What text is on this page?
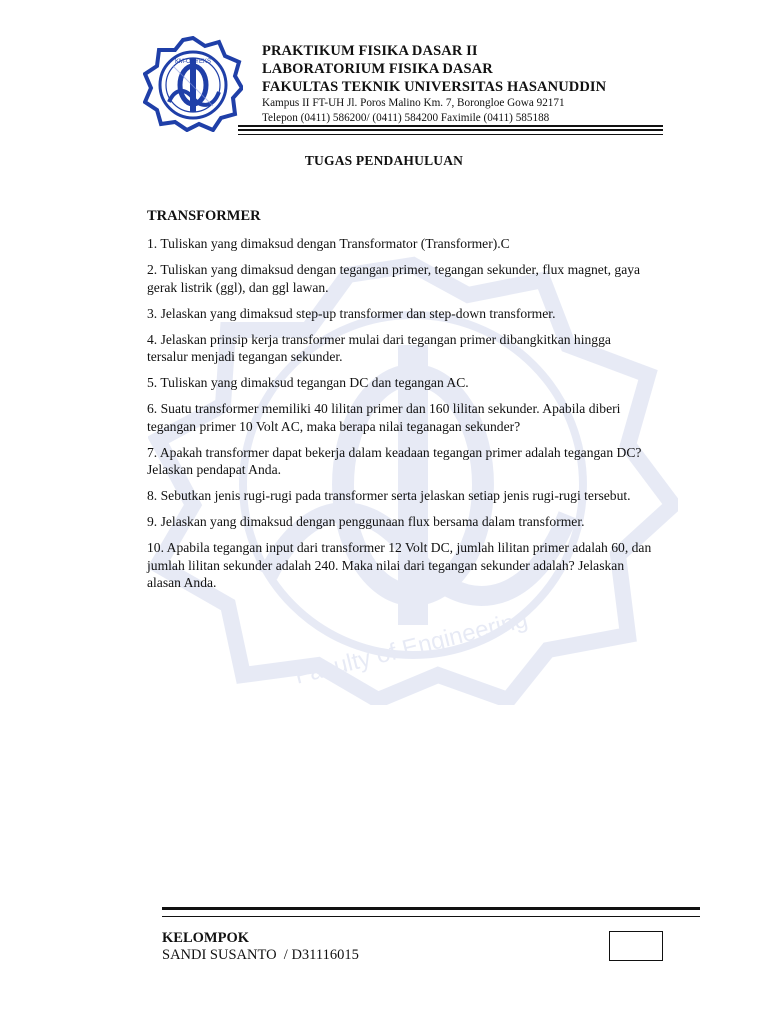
KM-ONYEKS
PRAKTIKUM FISIKA DASAR II
LABORATORIUM FISIKA DASAR
FAKULTAS TEKNIK UNIVERSITAS HASANUDDIN
Kampus II FT-UH Jl. Poros Malino Km. 7, Borongloe Gowa 92171
Telepon (0411) 586200/ (0411) 584200 Faximile (0411) 585188
Faculty of Engineering
TUGAS PENDAHULUAN
TRANSFORMER
1. Tuliskan yang dimaksud dengan Transformator (Transformer).C
2. Tuliskan yang dimaksud dengan tegangan primer, tegangan sekunder, flux magnet, gaya gerak listrik (ggl), dan ggl lawan.
3. Jelaskan yang dimaksud step-up transformer dan step-down transformer.
4. Jelaskan prinsip kerja transformer mulai dari tegangan primer dibangkitkan hingga tersalur menjadi tegangan sekunder.
5. Tuliskan yang dimaksud tegangan DC dan tegangan AC.
6. Suatu transformer memiliki 40 lilitan primer dan 160 lilitan sekunder. Apabila diberi tegangan primer 10 Volt AC, maka berapa nilai teganagan sekunder?
7. Apakah transformer dapat bekerja dalam keadaan tegangan primer adalah tegangan DC? Jelaskan pendapat Anda.
8. Sebutkan jenis rugi-rugi pada transformer serta jelaskan setiap jenis rugi-rugi tersebut.
9. Jelaskan yang dimaksud dengan penggunaan flux bersama dalam transformer.
10. Apabila tegangan input dari transformer 12 Volt DC, jumlah lilitan primer adalah 60, dan jumlah lilitan sekunder adalah 240. Maka nilai dari tegangan sekunder adalah? Jelaskan alasan Anda.
KELOMPOK
SANDI SUSANTO  / D31116015
